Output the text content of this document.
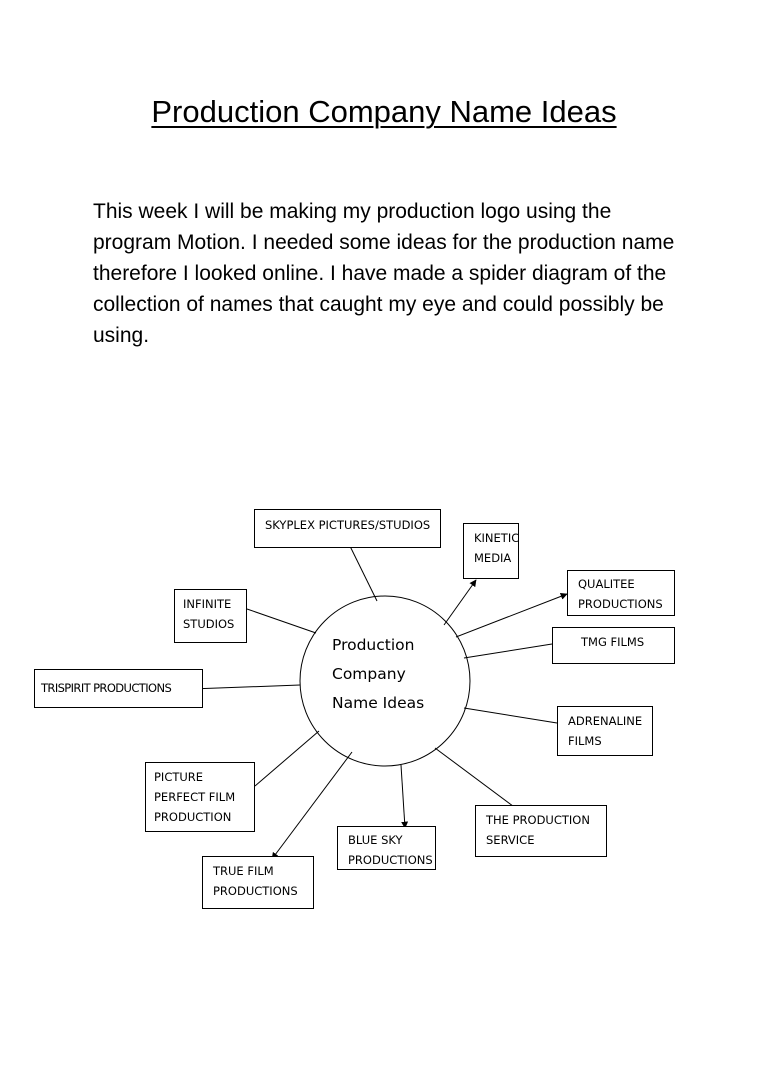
Production Company Name Ideas

This week I will be making my production logo using the program Motion. I needed some ideas for the production name therefore I looked online. I have made a spider diagram of the collection of names that caught my eye and could possibly be using.

Production
Company
Name Ideas
SKYPLEX PICTURES/STUDIOS
KINETIC
MEDIA
QUALITEE
PRODUCTIONS
INFINITE
STUDIOS
TMG FILMS
TRISPIRIT PRODUCTIONS
ADRENALINE
FILMS
PICTURE
PERFECT FILM
PRODUCTION	THE PRODUCTION
SERVICE
BLUE SKY
PRODUCTIONS
TRUE FILM
PRODUCTIONS
